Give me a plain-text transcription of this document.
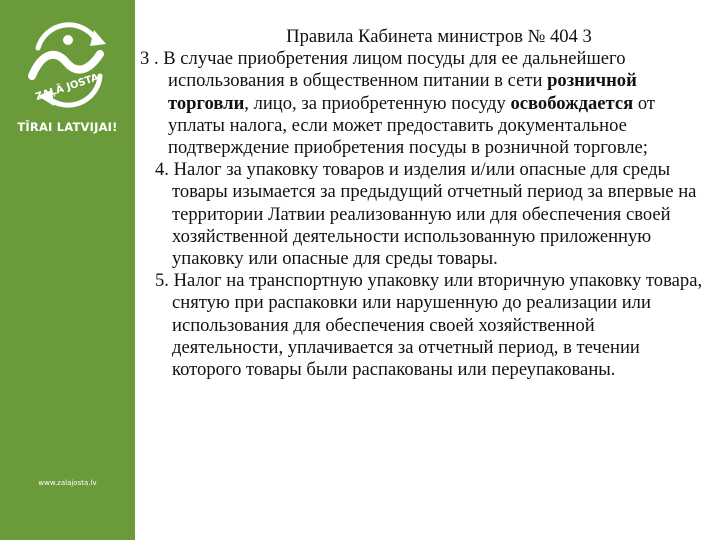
ZAĻĀ JOSTA
TĪRAI LATVIJAI!
www.zalajosta.lv

Правила Кабинета министров № 404 3

3 . В случае приобретения лицом посуды для ее дальнейшего использования в общественном питании в сети розничной торговли, лицо, за приобретенную посуду освобождается от уплаты налога, если может предоставить документальное подтверждение приобретения посуды в розничной торговле;

4. Налог за упаковку товаров и изделия и/или опасные для среды товары изымается за предыдущий отчетный период за впервые на территории Латвии реализованную или для обеспечения своей хозяйственной деятельности использованную приложенную упаковку или опасные для среды товары.

5. Налог на транспортную упаковку или вторичную упаковку товара, снятую при распаковки или нарушенную до реализации или использования для обеспечения своей хозяйственной деятельности, уплачивается за отчетный период, в течении которого товары были распакованы или переупакованы.
